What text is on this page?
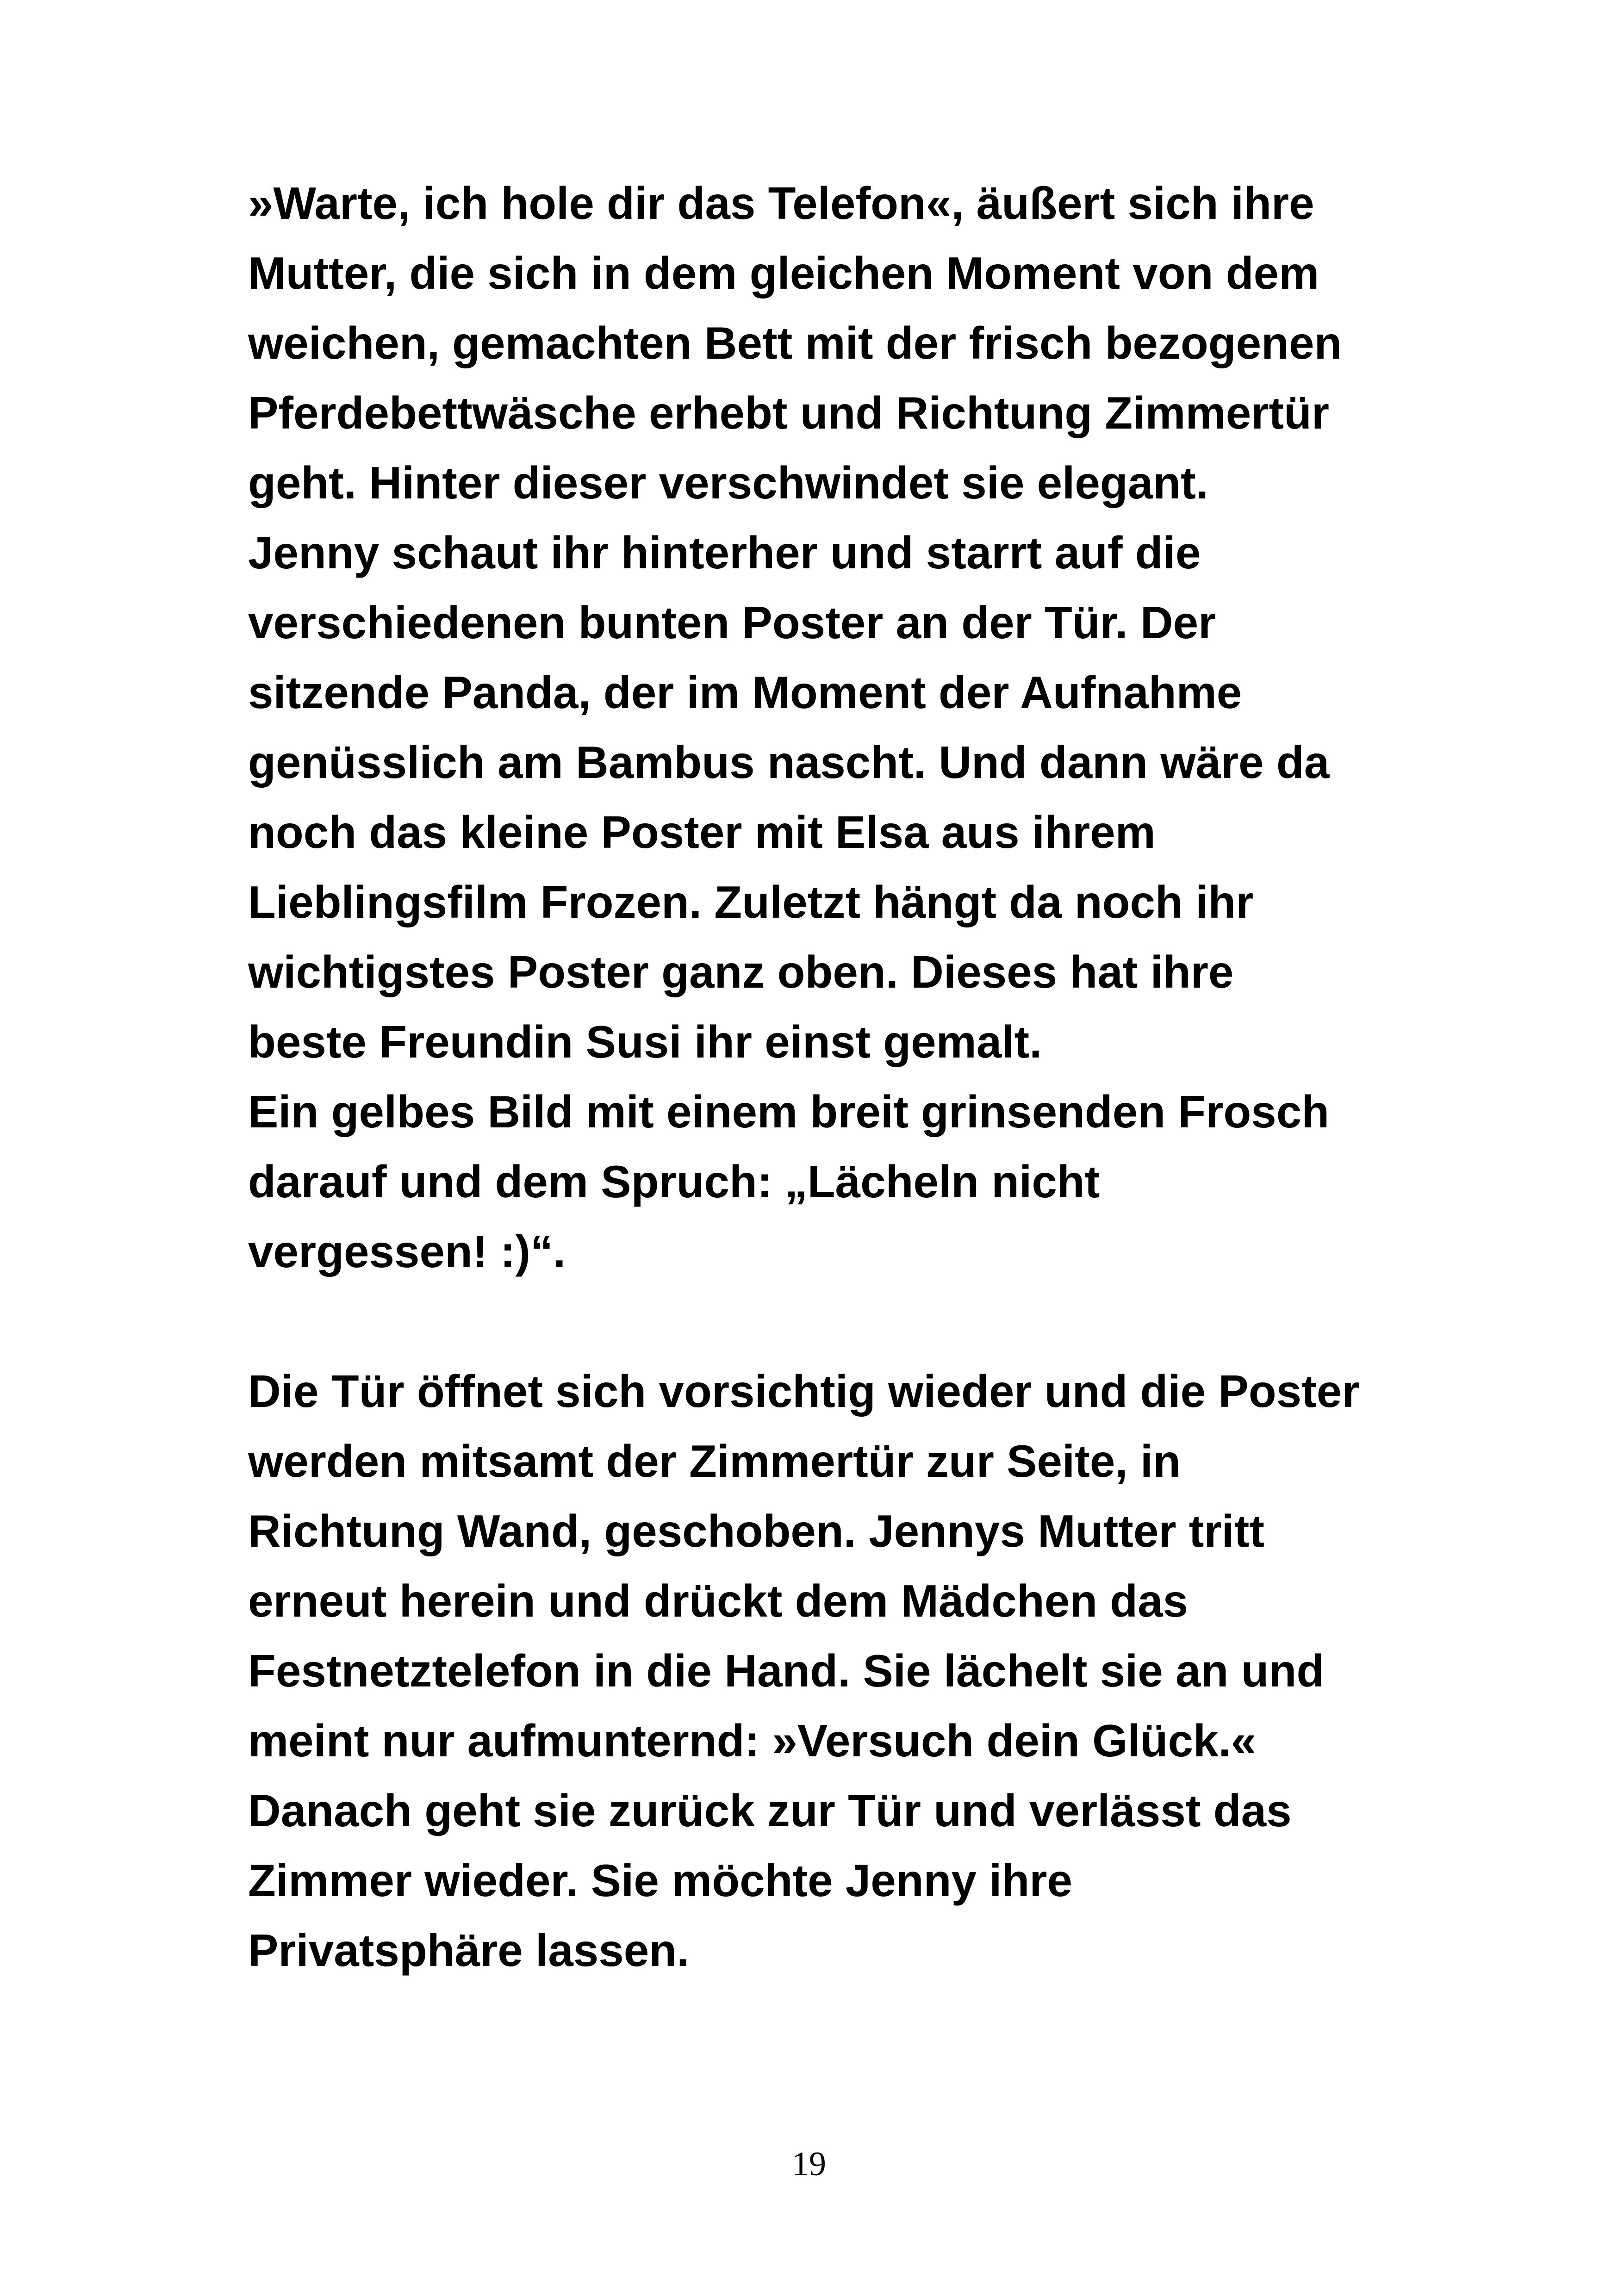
»Warte, ich hole dir das Telefon«, äußert sich ihre
Mutter, die sich in dem gleichen Moment von dem
weichen, gemachten Bett mit der frisch bezogenen
Pferdebettwäsche erhebt und Richtung Zimmertür
geht. Hinter dieser verschwindet sie elegant.
Jenny schaut ihr hinterher und starrt auf die
verschiedenen bunten Poster an der Tür. Der
sitzende Panda, der im Moment der Aufnahme
genüsslich am Bambus nascht. Und dann wäre da
noch das kleine Poster mit Elsa aus ihrem
Lieblingsfilm Frozen. Zuletzt hängt da noch ihr
wichtigstes Poster ganz oben. Dieses hat ihre
beste Freundin Susi ihr einst gemalt.
Ein gelbes Bild mit einem breit grinsenden Frosch
darauf und dem Spruch: „Lächeln nicht
vergessen! :)“.

Die Tür öffnet sich vorsichtig wieder und die Poster
werden mitsamt der Zimmertür zur Seite, in
Richtung Wand, geschoben. Jennys Mutter tritt
erneut herein und drückt dem Mädchen das
Festnetztelefon in die Hand. Sie lächelt sie an und
meint nur aufmunternd: »Versuch dein Glück.«
Danach geht sie zurück zur Tür und verlässt das
Zimmer wieder. Sie möchte Jenny ihre
Privatsphäre lassen.

19
